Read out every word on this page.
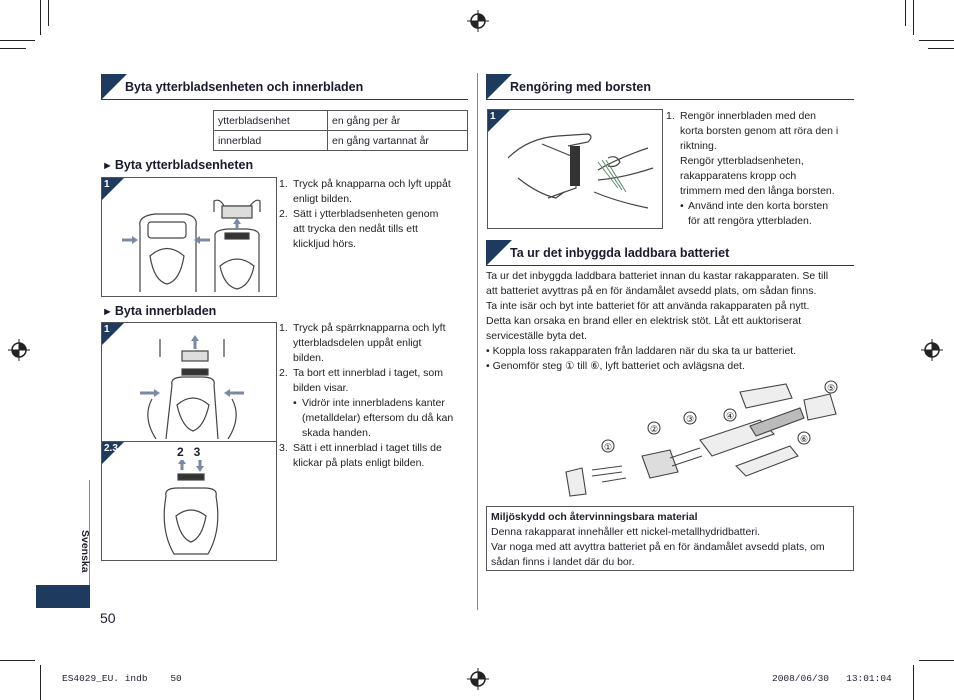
Byta ytterbladsenheten och innerbladen
ytterbladsenhet	en gång per år
innerblad	en gång vartannat år
► Byta ytterbladsenheten
1	1. Tryck på knapparna och lyft uppåt
enligt bilden.
2. Sätt i ytterbladsenheten genom
att trycka den nedåt tills ett
klickljud hörs.
► Byta innerbladen
1
2.3	2   3
1. Tryck på spärrknapparna och lyft
ytterbladsdelen uppåt enligt
bilden.
2. Ta bort ett innerblad i taget, som
bilden visar.
• Vidrör inte innerbladens kanter
(metalldelar) eftersom du då kan
skada handen.
3. Sätt i ett innerblad i taget tills de
klickar på plats enligt bilden.
Svenska
50
Rengöring med borsten
1	1. Rengör innerbladen med den
korta borsten genom att röra den i
riktning.
Rengör ytterbladsenheten,
rakapparatens kropp och
trimmern med den långa borsten.
• Använd inte den korta borsten
för att rengöra ytterbladen.
Ta ur det inbyggda laddbara batteriet
Ta ur det inbyggda laddbara batteriet innan du kastar rakapparaten. Se till
att batteriet avyttras på en för ändamålet avsedd plats, om sådan finns.
Ta inte isär och byt inte batteriet för att använda rakapparaten på nytt.
Detta kan orsaka en brand eller en elektrisk stöt. Låt ett auktoriserat
serviceställe byta det.
• Koppla loss rakapparaten från laddaren när du ska ta ur batteriet.
• Genomför steg ① till ⑥, lyft batteriet och avlägsna det.
①
②
③	④
⑤
⑥
Miljöskydd och återvinningsbara material
Denna rakapparat innehåller ett nickel-metallhydridbatteri.
Var noga med att avyttra batteriet på en för ändamålet avsedd plats, om
sådan finns i landet där du bor.
ES4029_EU. indb 50	2008/06/30 13:01:04
